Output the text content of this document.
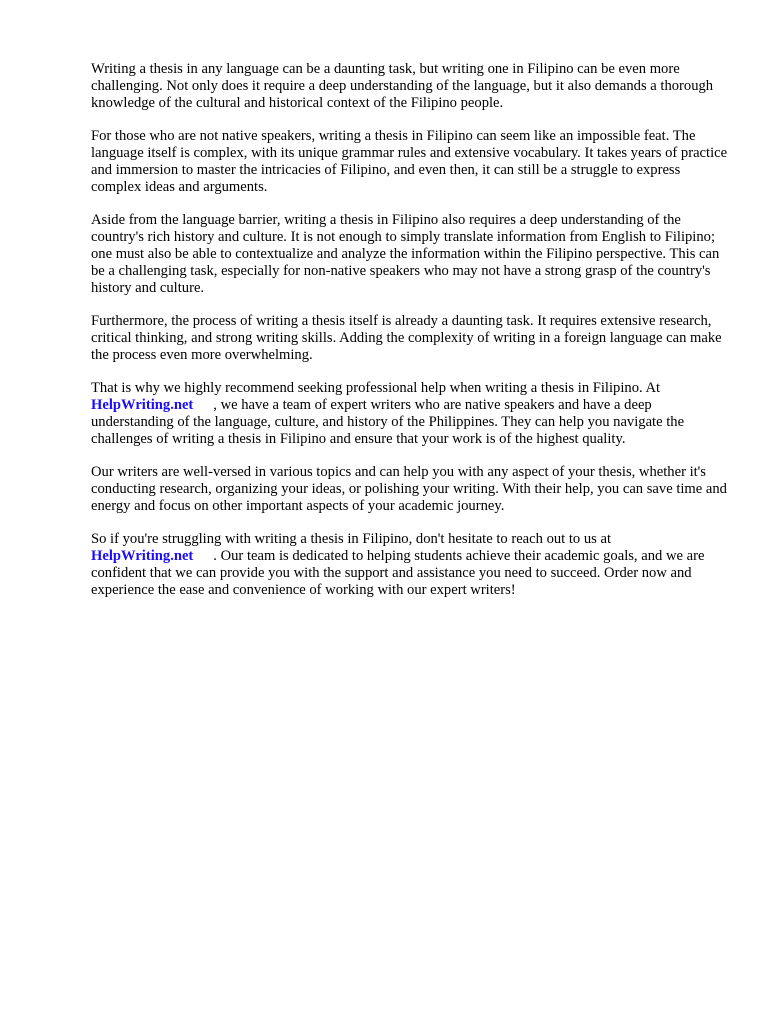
Writing a thesis in any language can be a daunting task, but writing one in Filipino can be even more challenging. Not only does it require a deep understanding of the language, but it also demands a thorough knowledge of the cultural and historical context of the Filipino people.

For those who are not native speakers, writing a thesis in Filipino can seem like an impossible feat. The language itself is complex, with its unique grammar rules and extensive vocabulary. It takes years of practice and immersion to master the intricacies of Filipino, and even then, it can still be a struggle to express complex ideas and arguments.

Aside from the language barrier, writing a thesis in Filipino also requires a deep understanding of the country's rich history and culture. It is not enough to simply translate information from English to Filipino; one must also be able to contextualize and analyze the information within the Filipino perspective. This can be a challenging task, especially for non-native speakers who may not have a strong grasp of the country's history and culture.

Furthermore, the process of writing a thesis itself is already a daunting task. It requires extensive research, critical thinking, and strong writing skills. Adding the complexity of writing in a foreign language can make the process even more overwhelming.

That is why we highly recommend seeking professional help when writing a thesis in Filipino. At
HelpWriting.net , we have a team of expert writers who are native speakers and have a deep understanding of the language, culture, and history of the Philippines. They can help you navigate the challenges of writing a thesis in Filipino and ensure that your work is of the highest quality.

Our writers are well-versed in various topics and can help you with any aspect of your thesis, whether it's conducting research, organizing your ideas, or polishing your writing. With their help, you can save time and energy and focus on other important aspects of your academic journey.

So if you're struggling with writing a thesis in Filipino, don't hesitate to reach out to us at
HelpWriting.net . Our team is dedicated to helping students achieve their academic goals, and we are confident that we can provide you with the support and assistance you need to succeed. Order now and experience the ease and convenience of working with our expert writers!
